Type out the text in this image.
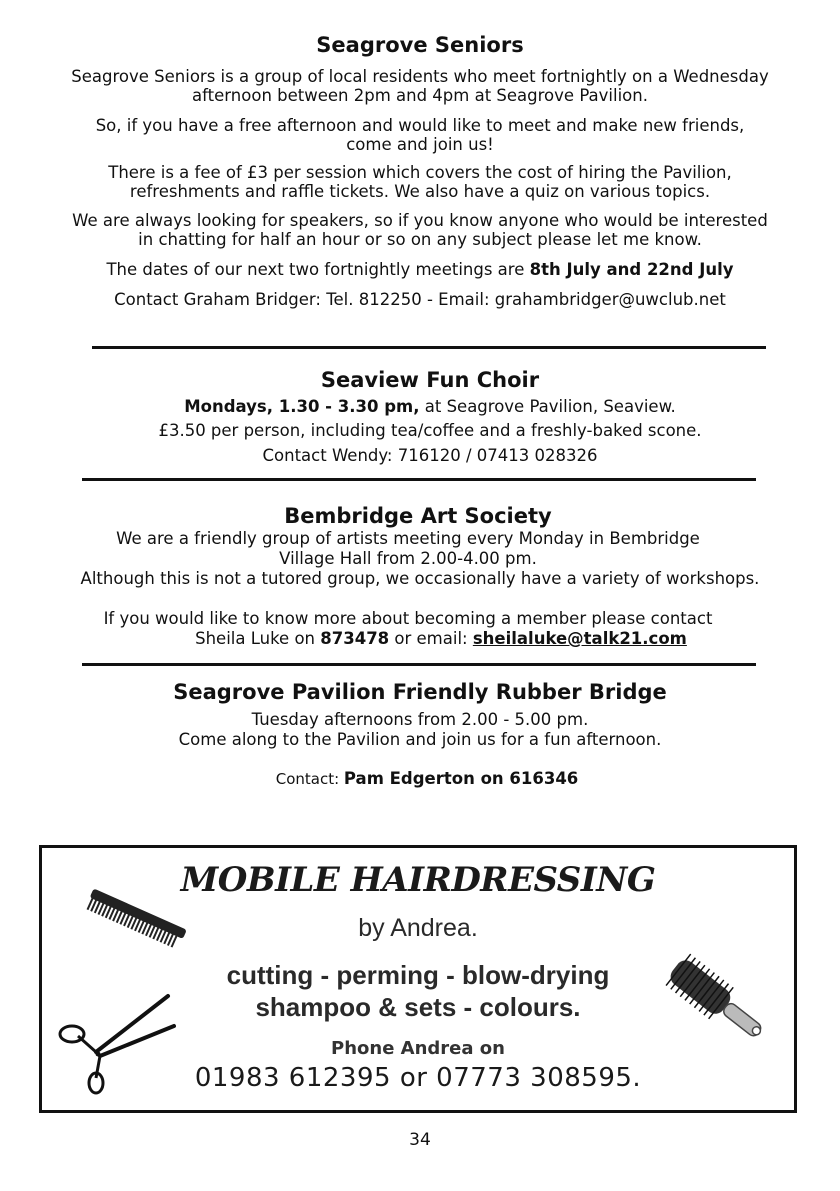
Seagrove Seniors
Seagrove Seniors is a group of local residents who meet fortnightly on a Wednesday
afternoon between 2pm and 4pm at Seagrove Pavilion.
So, if you have a free afternoon and would like to meet and make new friends,
come and join us!
There is a fee of £3 per session which covers the cost of hiring the Pavilion,
refreshments and raffle tickets. We also have a quiz on various topics.
We are always looking for speakers, so if you know anyone who would be interested
in chatting for half an hour or so on any subject please let me know.
The dates of our next two fortnightly meetings are 8th July and 22nd July
Contact Graham Bridger: Tel. 812250 - Email: grahambridger@uwclub.net
Seaview Fun Choir
Mondays, 1.30 - 3.30 pm, at Seagrove Pavilion, Seaview.
£3.50 per person, including tea/coffee and a freshly-baked scone.
Contact Wendy: 716120 / 07413 028326
Bembridge Art Society
We are a friendly group of artists meeting every Monday in Bembridge
Village Hall from 2.00-4.00 pm.
Although this is not a tutored group, we occasionally have a variety of workshops.
If you would like to know more about becoming a member please contact
Sheila Luke on 873478 or email: sheilaluke@talk21.com
Seagrove Pavilion Friendly Rubber Bridge
Tuesday afternoons from 2.00 - 5.00 pm.
Come along to the Pavilion and join us for a fun afternoon.
Contact: Pam Edgerton on 616346
MOBILE HAIRDRESSING
by Andrea.
cutting - perming - blow-drying
shampoo & sets - colours.
Phone Andrea on
01983 612395 or 07773 308595.
34
